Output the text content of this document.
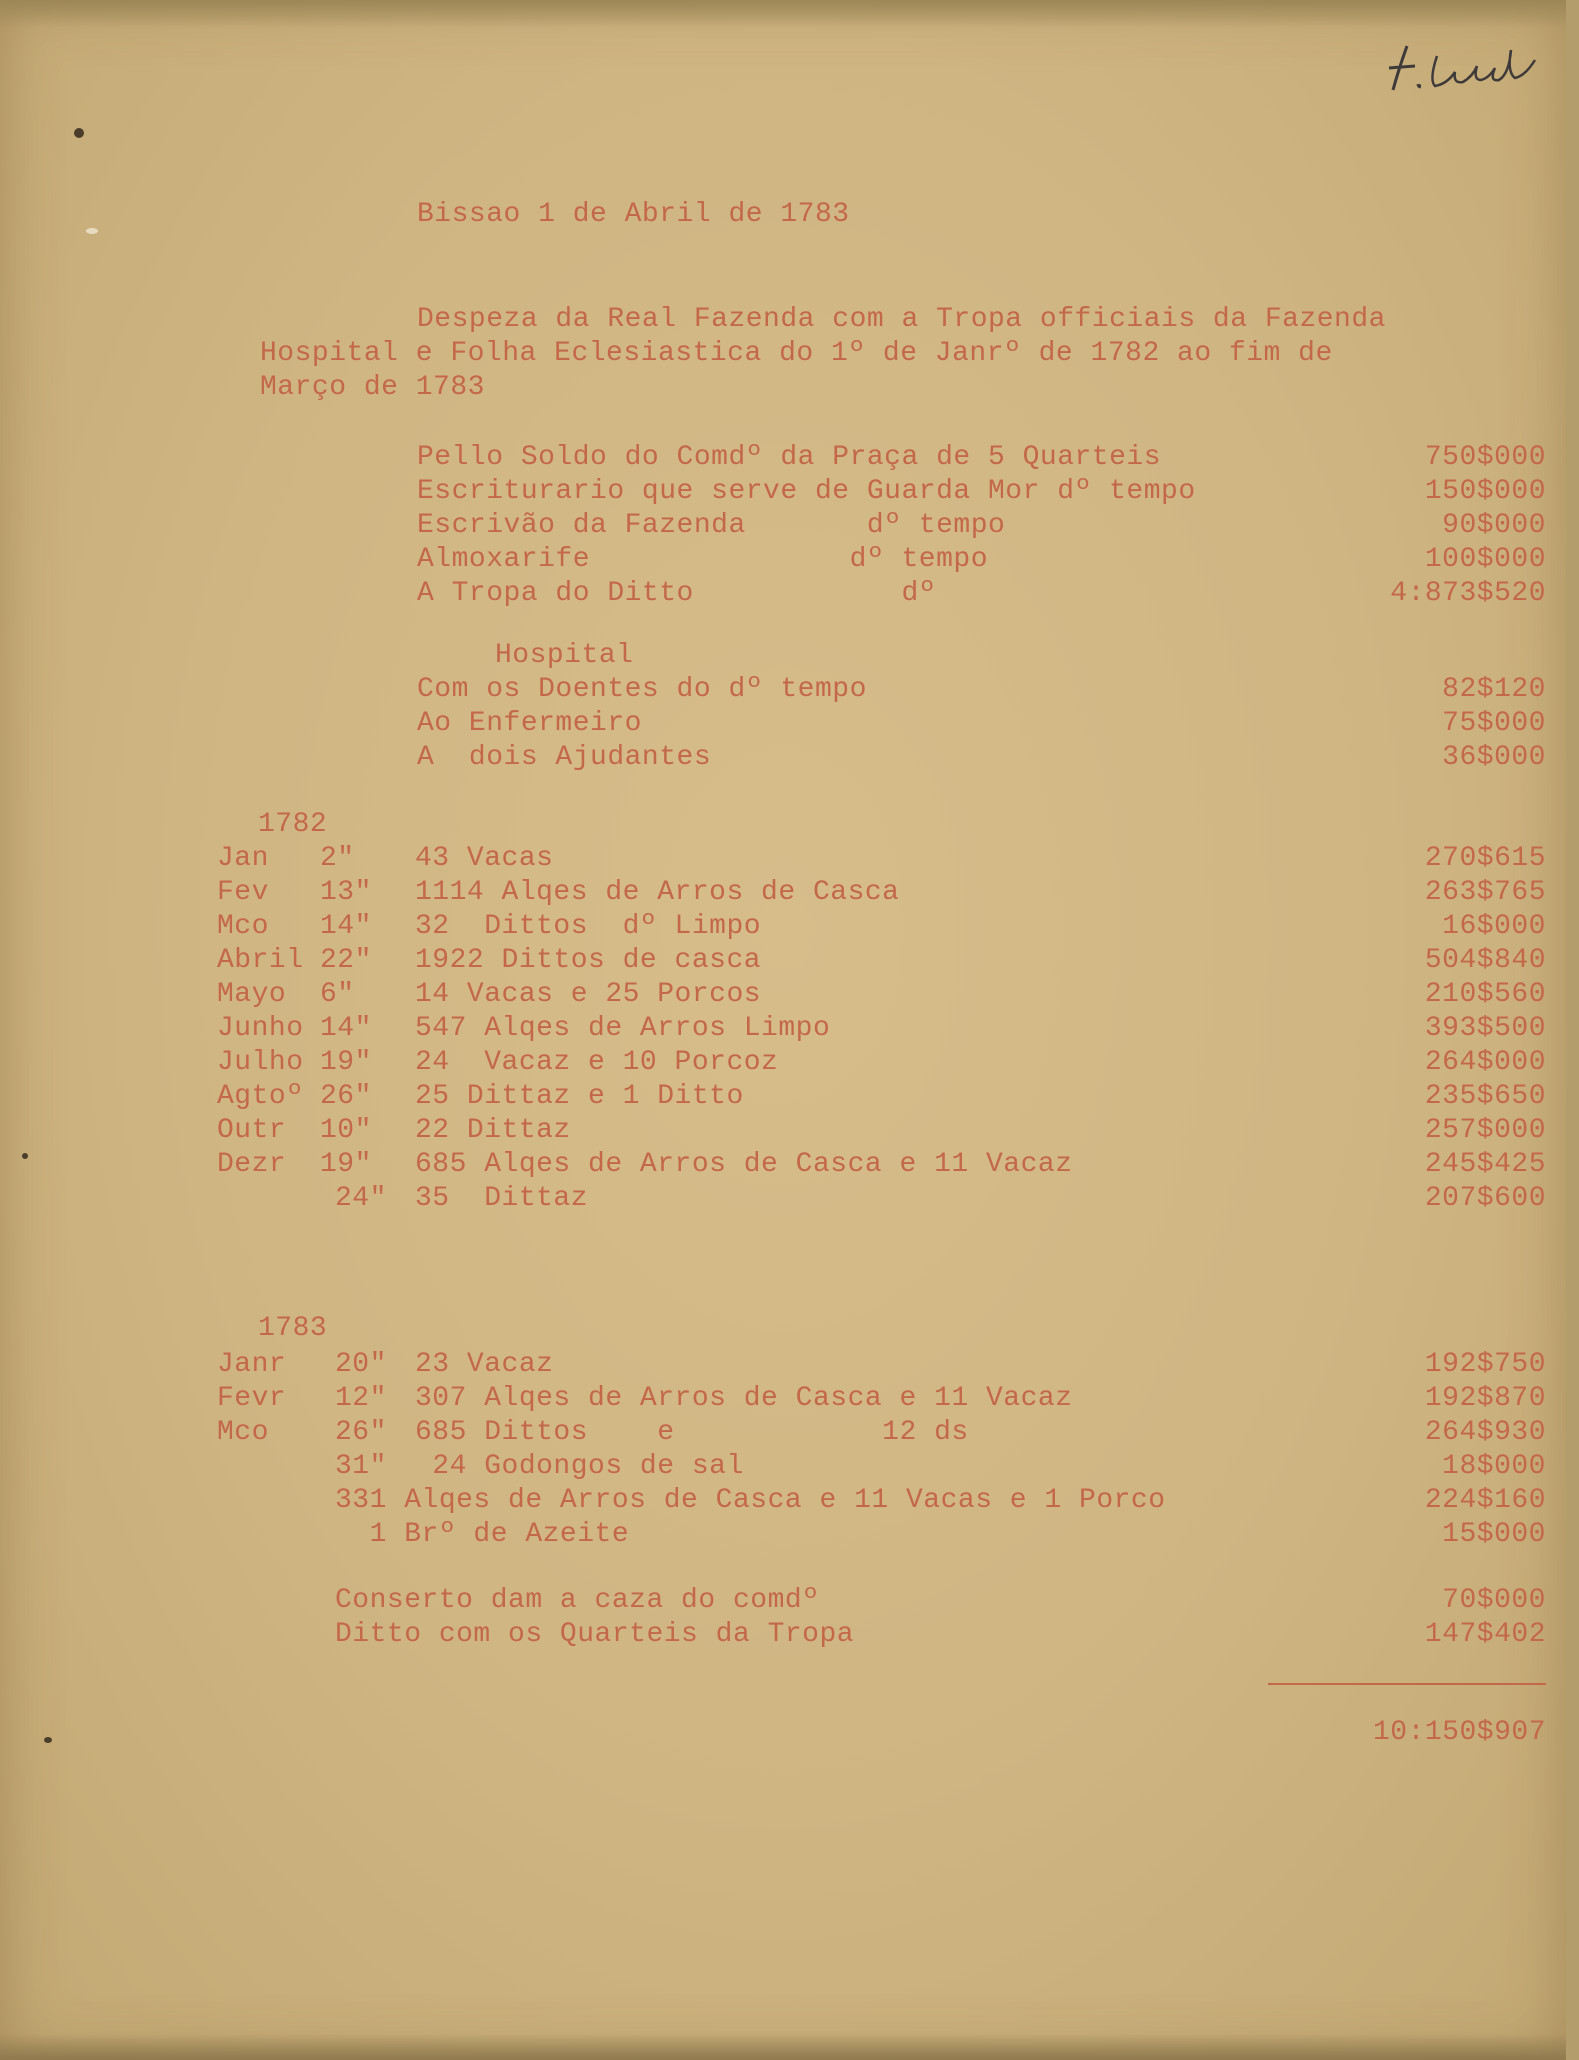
Bissao 1 de Abril de 1783
Despeza da Real Fazenda com a Tropa officiais da Fazenda
Hospital e Folha Eclesiastica do 1º de Janrº de 1782 ao fim de
Março de 1783
Pello Soldo do Comdº da Praça de 5 Quarteis	750$000
Escriturario que serve de Guarda Mor dº tempo	150$000
Escrivão da Fazenda       dº tempo	90$000
Almoxarife               dº tempo	100$000
A Tropa do Ditto            dº	4:873$520
Hospital
Com os Doentes do dº tempo	82$120
Ao Enfermeiro	75$000
A  dois Ajudantes	36$000
1782
Jan 2" 43 Vacas	270$615
Fev 13" 1114 Alqes de Arros de Casca	263$765
Mco 14" 32  Dittos  dº Limpo	16$000
Abril 22" 1922 Dittos de casca	504$840
Mayo 6" 14 Vacas e 25 Porcos	210$560
Junho 14" 547 Alqes de Arros Limpo	393$500
Julho 19" 24  Vacaz e 10 Porcoz	264$000
Agtoº 26" 25 Dittaz e 1 Ditto	235$650
Outr 10" 22 Dittaz	257$000
Dezr 19" 685 Alqes de Arros de Casca e 11 Vacaz	245$425
24" 35  Dittaz	207$600
1783
Janr 20" 23 Vacaz	192$750
Fevr 12" 307 Alqes de Arros de Casca e 11 Vacaz	192$870
Mco 26" 685 Dittos    e            12 ds	264$930
31" 24 Godongos de sal	18$000
331 Alqes de Arros de Casca e 11 Vacas e 1 Porco	224$160
1 Brº de Azeite	15$000
Conserto dam a caza do comdº	70$000
Ditto com os Quarteis da Tropa	147$402
10:150$907
